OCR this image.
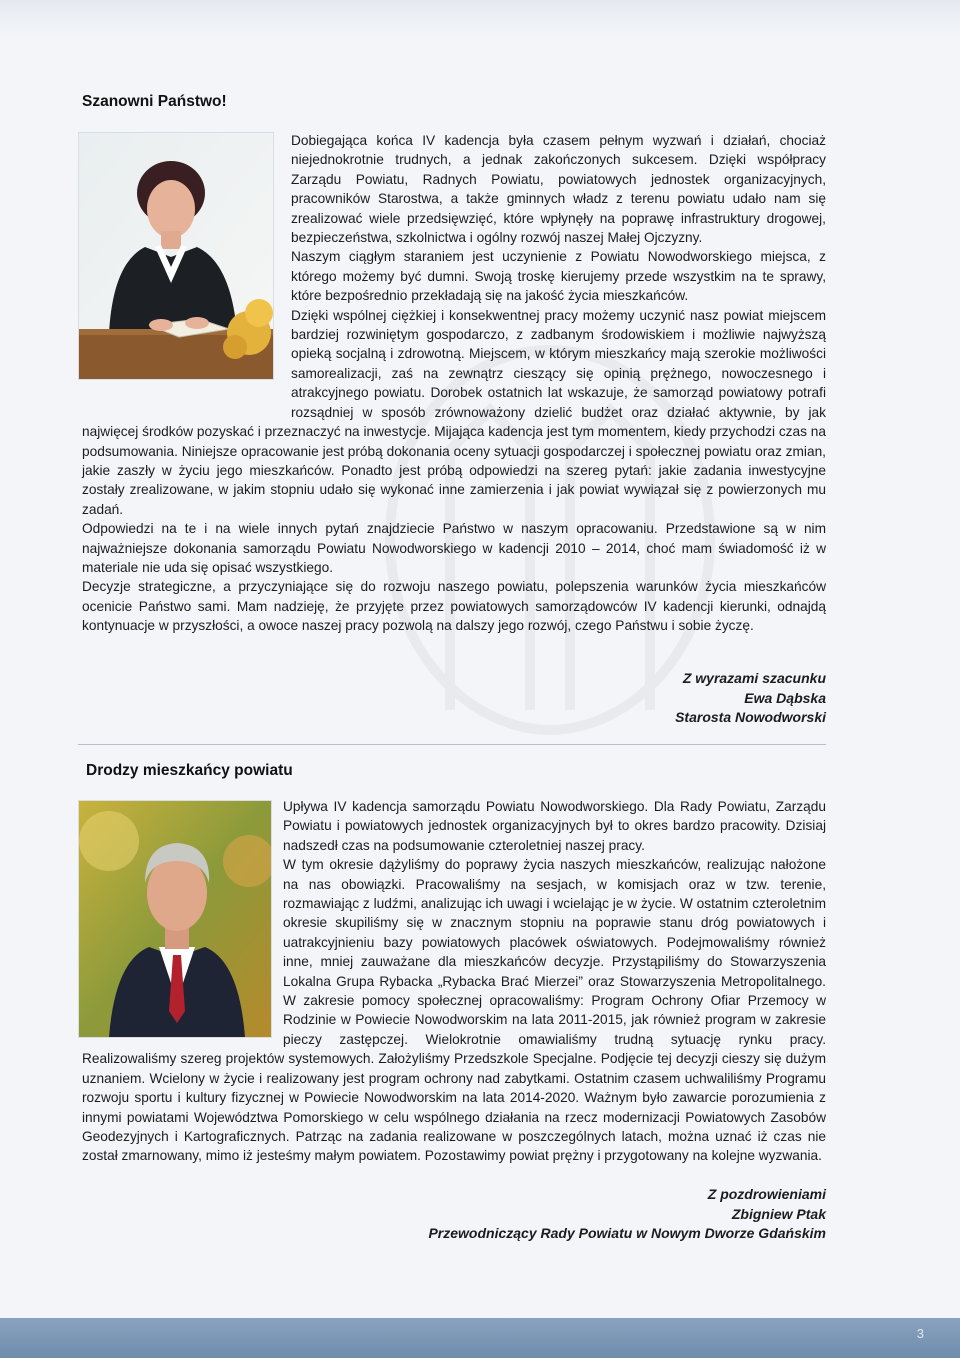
Szanowni Państwo!

Dobiegająca końca IV kadencja była czasem pełnym wyzwań i działań, chociaż niejednokrotnie trudnych, a jednak zakończonych sukcesem. Dzięki współpracy Zarządu Powiatu, Radnych Powiatu, powiatowych jednostek organizacyjnych, pracowników Starostwa, a także gminnych władz z terenu powiatu udało nam się zrealizować wiele przedsięwzięć, które wpłynęły na poprawę infrastruktury drogowej, bezpieczeństwa, szkolnictwa i ogólny rozwój naszej Małej Ojczyzny.

Naszym ciągłym staraniem jest uczynienie z Powiatu Nowodworskiego miejsca, z którego możemy być dumni. Swoją troskę kierujemy przede wszystkim na te sprawy, które bezpośrednio przekładają się na jakość życia mieszkańców.

Dzięki wspólnej ciężkiej i konsekwentnej pracy możemy uczynić nasz powiat miejscem bardziej rozwiniętym gospodarczo, z zadbanym środowiskiem i możliwie najwyższą opieką socjalną i zdrowotną. Miejscem, w którym mieszkańcy mają szerokie możliwości samorealizacji, zaś na zewnątrz cieszący się opinią prężnego, nowoczesnego i atrakcyjnego powiatu. Dorobek ostatnich lat wskazuje, że samorząd powiatowy potrafi rozsądniej w sposób zrównoważony dzielić budżet oraz działać aktywnie, by jak najwięcej środków pozyskać i przeznaczyć na inwestycje. Mijająca kadencja jest tym momentem, kiedy przychodzi czas na podsumowania. Niniejsze opracowanie jest próbą dokonania oceny sytuacji gospodarczej i społecznej powiatu oraz zmian, jakie zaszły w życiu jego mieszkańców. Ponadto jest próbą odpowiedzi na szereg pytań: jakie zadania inwestycyjne zostały zrealizowane, w jakim stopniu udało się wykonać inne zamierzenia i jak powiat wywiązał się z powierzonych mu zadań.

Odpowiedzi na te i na wiele innych pytań znajdziecie Państwo w naszym opracowaniu. Przedstawione są w nim najważniejsze dokonania samorządu Powiatu Nowodworskiego w kadencji 2010 – 2014, choć mam świadomość iż w materiale nie uda się opisać wszystkiego.

Decyzje strategiczne, a przyczyniające się do rozwoju naszego powiatu, polepszenia warunków życia mieszkańców ocenicie Państwo sami. Mam nadzieję, że przyjęte przez powiatowych samorządowców IV kadencji kierunki, odnajdą kontynuacje w przyszłości, a owoce naszej pracy pozwolą na dalszy jego rozwój, czego Państwu i sobie życzę.

Z wyrazami szacunku
Ewa Dąbska
Starosta Nowodworski
Drodzy mieszkańcy powiatu

Upływa IV kadencja samorządu Powiatu Nowodworskiego. Dla Rady Powiatu, Zarządu Powiatu i powiatowych jednostek organizacyjnych był to okres bardzo pracowity. Dzisiaj nadszedł czas na podsumowanie czteroletniej naszej pracy.

W tym okresie dążyliśmy do poprawy życia naszych mieszkańców, realizując nałożone na nas obowiązki. Pracowaliśmy na sesjach, w komisjach oraz w tzw. terenie, rozmawiając z ludźmi, analizując ich uwagi i wcielając je w życie. W ostatnim czteroletnim okresie skupiliśmy się w znacznym stopniu na poprawie stanu dróg powiatowych i uatrakcyjnieniu bazy powiatowych placówek oświatowych. Podejmowaliśmy również inne, mniej zauważane dla mieszkańców decyzje. Przystąpiliśmy do Stowarzyszenia Lokalna Grupa Rybacka „Rybacka Brać Mierzei” oraz Stowarzyszenia Metropolitalnego. W zakresie pomocy społecznej opracowaliśmy: Program Ochrony Ofiar Przemocy w Rodzinie w Powiecie Nowodworskim na lata 2011-2015, jak również program w zakresie pieczy zastępczej. Wielokrotnie omawialiśmy trudną sytuację rynku pracy. Realizowaliśmy szereg projektów systemowych. Założyliśmy Przedszkole Specjalne. Podjęcie tej decyzji cieszy się dużym uznaniem. Wcielony w życie i realizowany jest program ochrony nad zabytkami. Ostatnim czasem uchwaliliśmy Programu rozwoju sportu i kultury fizycznej w Powiecie Nowodworskim na lata 2014-2020. Ważnym było zawarcie porozumienia z innymi powiatami Województwa Pomorskiego w celu wspólnego działania na rzecz modernizacji Powiatowych Zasobów Geodezyjnych i Kartograficznych. Patrząc na zadania realizowane w poszczególnych latach, można uznać iż czas nie został zmarnowany, mimo iż jesteśmy małym powiatem. Pozostawimy powiat prężny i przygotowany na kolejne wyzwania.

Z pozdrowieniami
Zbigniew Ptak
Przewodniczący Rady Powiatu w Nowym Dworze Gdańskim
3
